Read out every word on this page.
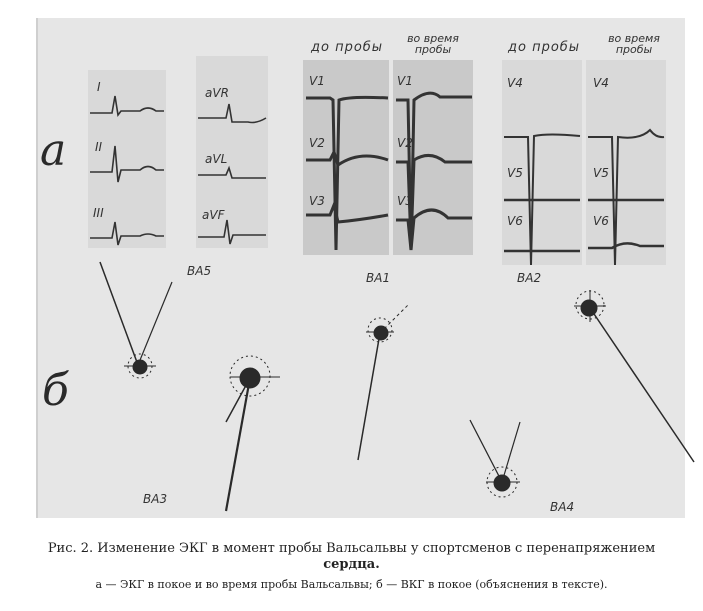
а
б
до пробы
во время пробы	до пробы
во время пробы
I
II
III
aVR
aVL
aVF
V1
V2
V3
V1
V2
V3
V4
V5
V6
V4
V5
V6
BA5	BA1	BA2
BA3
BA4
Рис. 2. Изменение ЭКГ в момент пробы Вальсальвы у спортсменов с перенапряжением
сердца.
а — ЭКГ в покое и во время пробы Вальсальвы; б — ВКГ в покое (объяснения в тексте).
